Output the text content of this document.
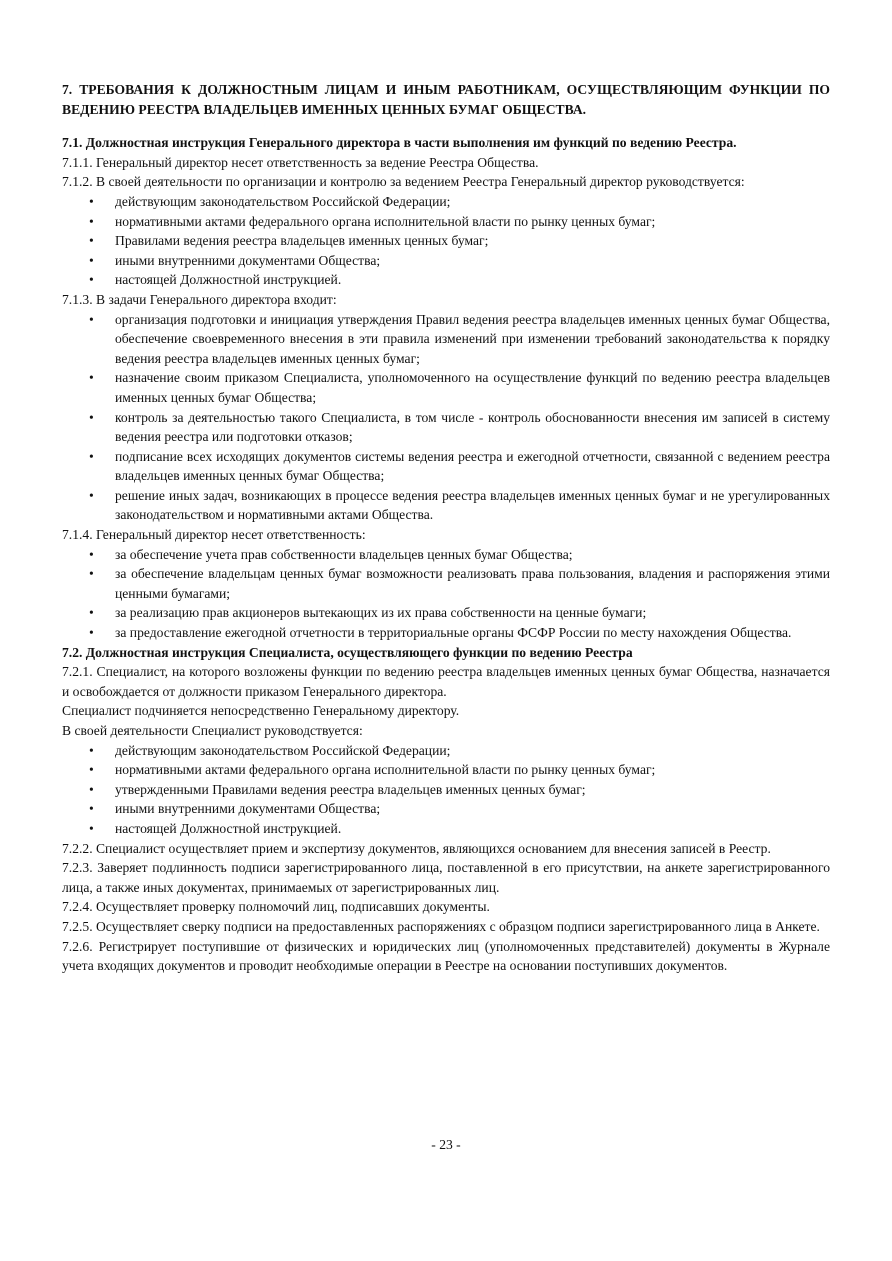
7. ТРЕБОВАНИЯ К ДОЛЖНОСТНЫМ ЛИЦАМ И ИНЫМ РАБОТНИКАМ, ОСУЩЕСТВЛЯЮЩИМ ФУНКЦИИ ПО ВЕДЕНИЮ РЕЕСТРА ВЛАДЕЛЬЦЕВ ИМЕННЫХ ЦЕННЫХ БУМАГ ОБЩЕСТВА.

7.1. Должностная инструкция Генерального директора в части выполнения им функций по ведению Реестра.

7.1.1. Генеральный директор несет ответственность за ведение Реестра Общества.

7.1.2. В своей деятельности по организации и контролю за ведением Реестра Генеральный директор руководствуется:

• действующим законодательством Российской Федерации;
• нормативными актами федерального органа исполнительной власти по рынку ценных бумаг;
• Правилами ведения реестра владельцев именных ценных бумаг;
• иными внутренними документами Общества;
• настоящей Должностной инструкцией.

7.1.3. В задачи Генерального директора входит:

• организация подготовки и инициация утверждения Правил ведения реестра владельцев именных ценных бумаг Общества, обеспечение своевременного внесения в эти правила изменений при изменении требований законодательства к порядку ведения реестра владельцев именных ценных бумаг;
• назначение своим приказом Специалиста, уполномоченного на осуществление функций по ведению реестра владельцев именных ценных бумаг Общества;
• контроль за деятельностью такого Специалиста, в том числе - контроль обоснованности внесения им записей в систему ведения реестра или подготовки отказов;
• подписание всех исходящих документов системы ведения реестра и ежегодной отчетности, связанной с ведением реестра владельцев именных ценных бумаг Общества;
• решение иных задач, возникающих в процессе ведения реестра владельцев именных ценных бумаг и не урегулированных законодательством и нормативными актами Общества.

7.1.4. Генеральный директор несет ответственность:

• за обеспечение учета прав собственности владельцев ценных бумаг Общества;
• за обеспечение владельцам ценных бумаг возможности реализовать права пользования, владения и распоряжения этими ценными бумагами;
• за реализацию прав акционеров вытекающих из их права собственности на ценные бумаги;
• за предоставление ежегодной отчетности в территориальные органы ФСФР России по месту нахождения Общества.

7.2. Должностная инструкция Специалиста, осуществляющего функции по ведению Реестра

7.2.1. Специалист, на которого возложены функции по ведению реестра владельцев именных ценных бумаг Общества, назначается и освобождается от должности приказом Генерального директора.

Специалист подчиняется непосредственно Генеральному директору.

В своей деятельности Специалист руководствуется:

• действующим законодательством Российской Федерации;
• нормативными актами федерального органа исполнительной власти по рынку ценных бумаг;
• утвержденными Правилами ведения реестра владельцев именных ценных бумаг;
• иными внутренними документами Общества;
• настоящей Должностной инструкцией.

7.2.2. Специалист осуществляет прием и экспертизу документов, являющихся основанием для внесения записей в Реестр.

7.2.3. Заверяет подлинность подписи зарегистрированного лица, поставленной в его присутствии, на анкете зарегистрированного лица, а также иных документах, принимаемых от зарегистрированных лиц.

7.2.4. Осуществляет проверку полномочий лиц, подписавших документы.

7.2.5. Осуществляет сверку подписи на предоставленных распоряжениях с образцом подписи зарегистрированного лица в Анкете.

7.2.6. Регистрирует поступившие от физических и юридических лиц (уполномоченных представителей) документы в Журнале учета входящих документов и проводит необходимые операции в Реестре на основании поступивших документов.

- 23 -
